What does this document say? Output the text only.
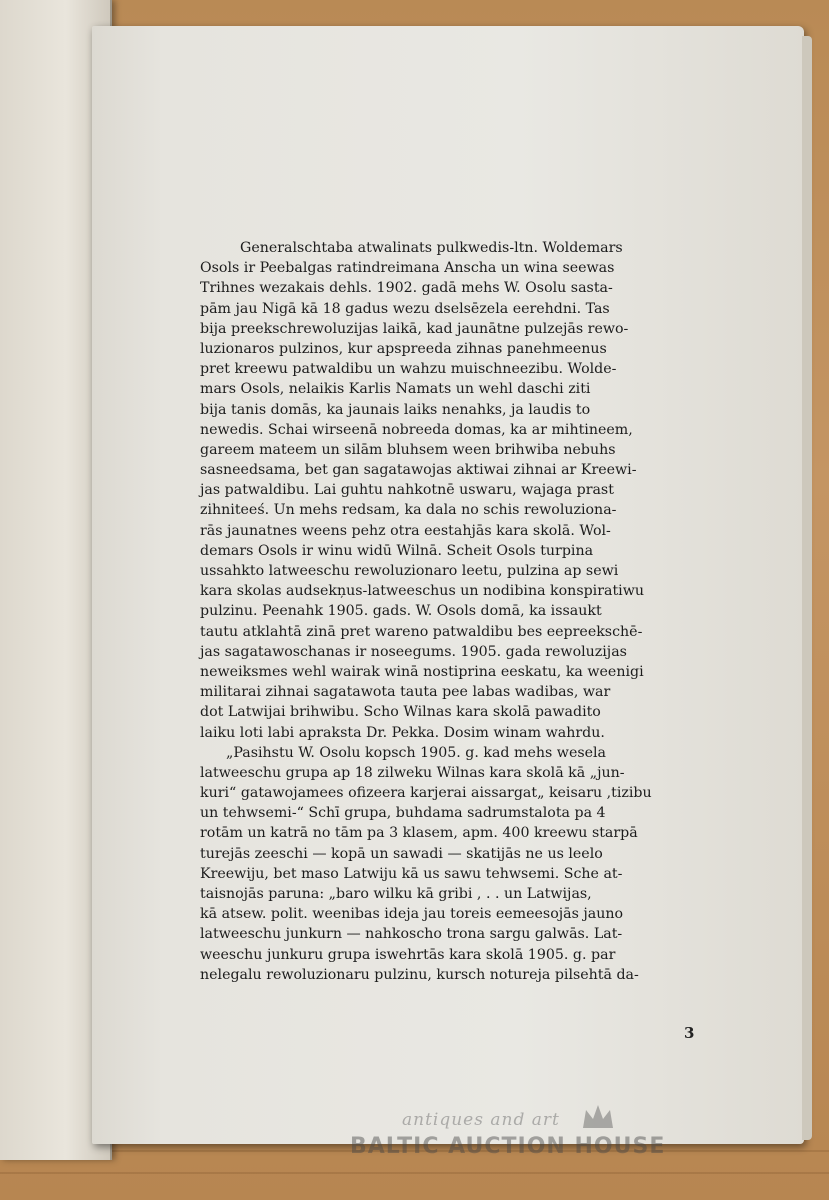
Generalschtaba atwalinats pulkwedis-ltn. Woldemars
Osols ir Peebalgas ratindreimana Anscha un wina seewas
Trihnes wezakais dehls. 1902. gadā mehs W. Osolu sasta-
pām jau Nigā kā 18 gadus wezu dselsēzela eerehdni. Tas
bija preekschrewoluzijas laikā, kad jaunātne pulzejās rewo-
luzionaros pulzinos, kur apspreeda zihnas panehmeenus
pret kreewu patwaldibu un wahzu muischneezibu. Wolde-
mars Osols, nelaikis Karlis Namats un wehl daschi ziti
bija tanis domās, ka jaunais laiks nenahks, ja laudis to
newedis. Schai wirseenā nobreeda domas, ka ar mihtineem,
gareem mateem un silām bluhsem ween brihwiba nebuhs
sasneedsama, bet gan sagatawojas aktiwai zihnai ar Kreewi-
jas patwaldibu. Lai guhtu nahkotnē uswaru, wajaga prast
zihniteeś. Un mehs redsam, ka dala no schis rewoluziona-
rās jaunatnes weens pehz otra eestahjās kara skolā. Wol-
demars Osols ir winu widū Wilnā. Scheit Osols turpina
ussahkto latweeschu rewoluzionaro leetu, pulzina ap sewi
kara skolas audsekņus-latweeschus un nodibina konspiratiwu
pulzinu. Peenahk 1905. gads. W. Osols domā, ka issaukt
tautu atklahtā zinā pret wareno patwaldibu bes eepreekschē-
jas sagatawoschanas ir noseegums. 1905. gada rewoluzijas
neweiksmes wehl wairak winā nostiprina eeskatu, ka weenigi
militarai zihnai sagatawota tauta pee labas wadibas, war
dot Latwijai brihwibu. Scho Wilnas kara skolā pawadito
laiku loti labi apraksta Dr. Pekka. Dosim winam wahrdu.
„Pasihstu W. Osolu kopsch 1905. g. kad mehs wesela
latweeschu grupa ap 18 zilweku Wilnas kara skolā kā „jun-
kuri“ gatawojamees ofizeera karjerai aissargat„ keisaru ,tizibu
un tehwsemi-“ Schī grupa, buhdama sadrumstalota pa 4
rotām un katrā no tām pa 3 klasem, apm. 400 kreewu starpā
turejās zeeschi — kopā un sawadi — skatijās ne us leelo
Kreewiju, bet maso Latwiju kā us sawu tehwsemi. Sche at-
taisnojās paruna: „baro wilku kā gribi , . . un Latwijas,
kā atsew. polit. weenibas ideja jau toreis eemeesojās jauno
latweeschu junkurn — nahkoscho trona sargu galwās. Lat-
weeschu junkuru grupa iswehrtās kara skolā 1905. g. par
nelegalu rewoluzionaru pulzinu, kursch notureja pilsehtā da-
3
antiques and art
BALTIC AUCTION HOUSE
